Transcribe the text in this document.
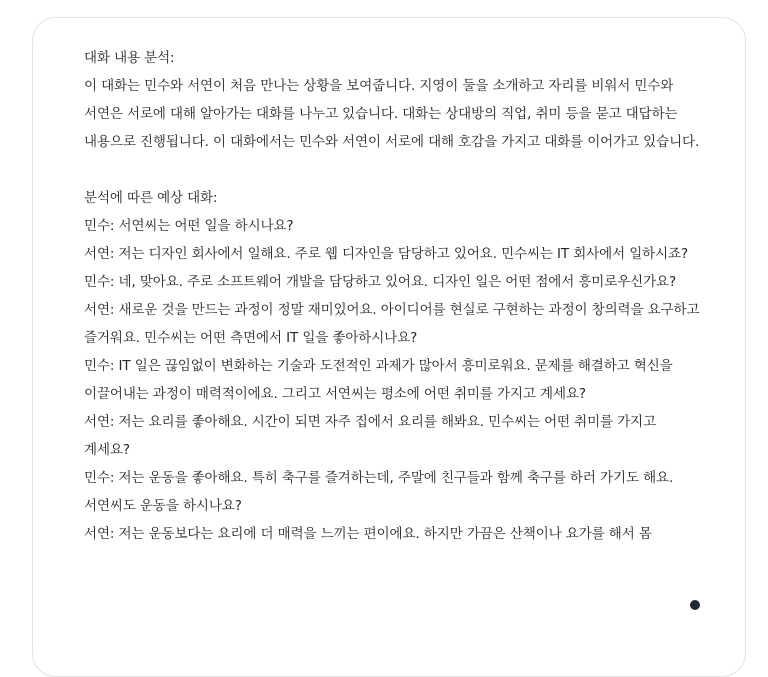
대화 내용 분석:
이 대화는 민수와 서연이 처음 만나는 상황을 보여줍니다. 지영이 둘을 소개하고 자리를 비워서 민수와 서연은 서로에 대해 알아가는 대화를 나누고 있습니다. 대화는 상대방의 직업, 취미 등을 묻고 대답하는 내용으로 진행됩니다. 이 대화에서는 민수와 서연이 서로에 대해 호감을 가지고 대화를 이어가고 있습니다.
분석에 따른 예상 대화:
민수: 서연씨는 어떤 일을 하시나요?
서연: 저는 디자인 회사에서 일해요. 주로 웹 디자인을 담당하고 있어요. 민수씨는 IT 회사에서 일하시죠?
민수: 네, 맞아요. 주로 소프트웨어 개발을 담당하고 있어요. 디자인 일은 어떤 점에서 흥미로우신가요?
서연: 새로운 것을 만드는 과정이 정말 재미있어요. 아이디어를 현실로 구현하는 과정이 창의력을 요구하고 즐거워요. 민수씨는 어떤 측면에서 IT 일을 좋아하시나요?
민수: IT 일은 끊임없이 변화하는 기술과 도전적인 과제가 많아서 흥미로워요. 문제를 해결하고 혁신을 이끌어내는 과정이 매력적이에요. 그리고 서연씨는 평소에 어떤 취미를 가지고 계세요?
서연: 저는 요리를 좋아해요. 시간이 되면 자주 집에서 요리를 해봐요. 민수씨는 어떤 취미를 가지고 계세요?
민수: 저는 운동을 좋아해요. 특히 축구를 즐겨하는데, 주말에 친구들과 함께 축구를 하러 가기도 해요. 서연씨도 운동을 하시나요?
서연: 저는 운동보다는 요리에 더 매력을 느끼는 편이에요. 하지만 가끔은 산책이나 요가를 해서 몸
